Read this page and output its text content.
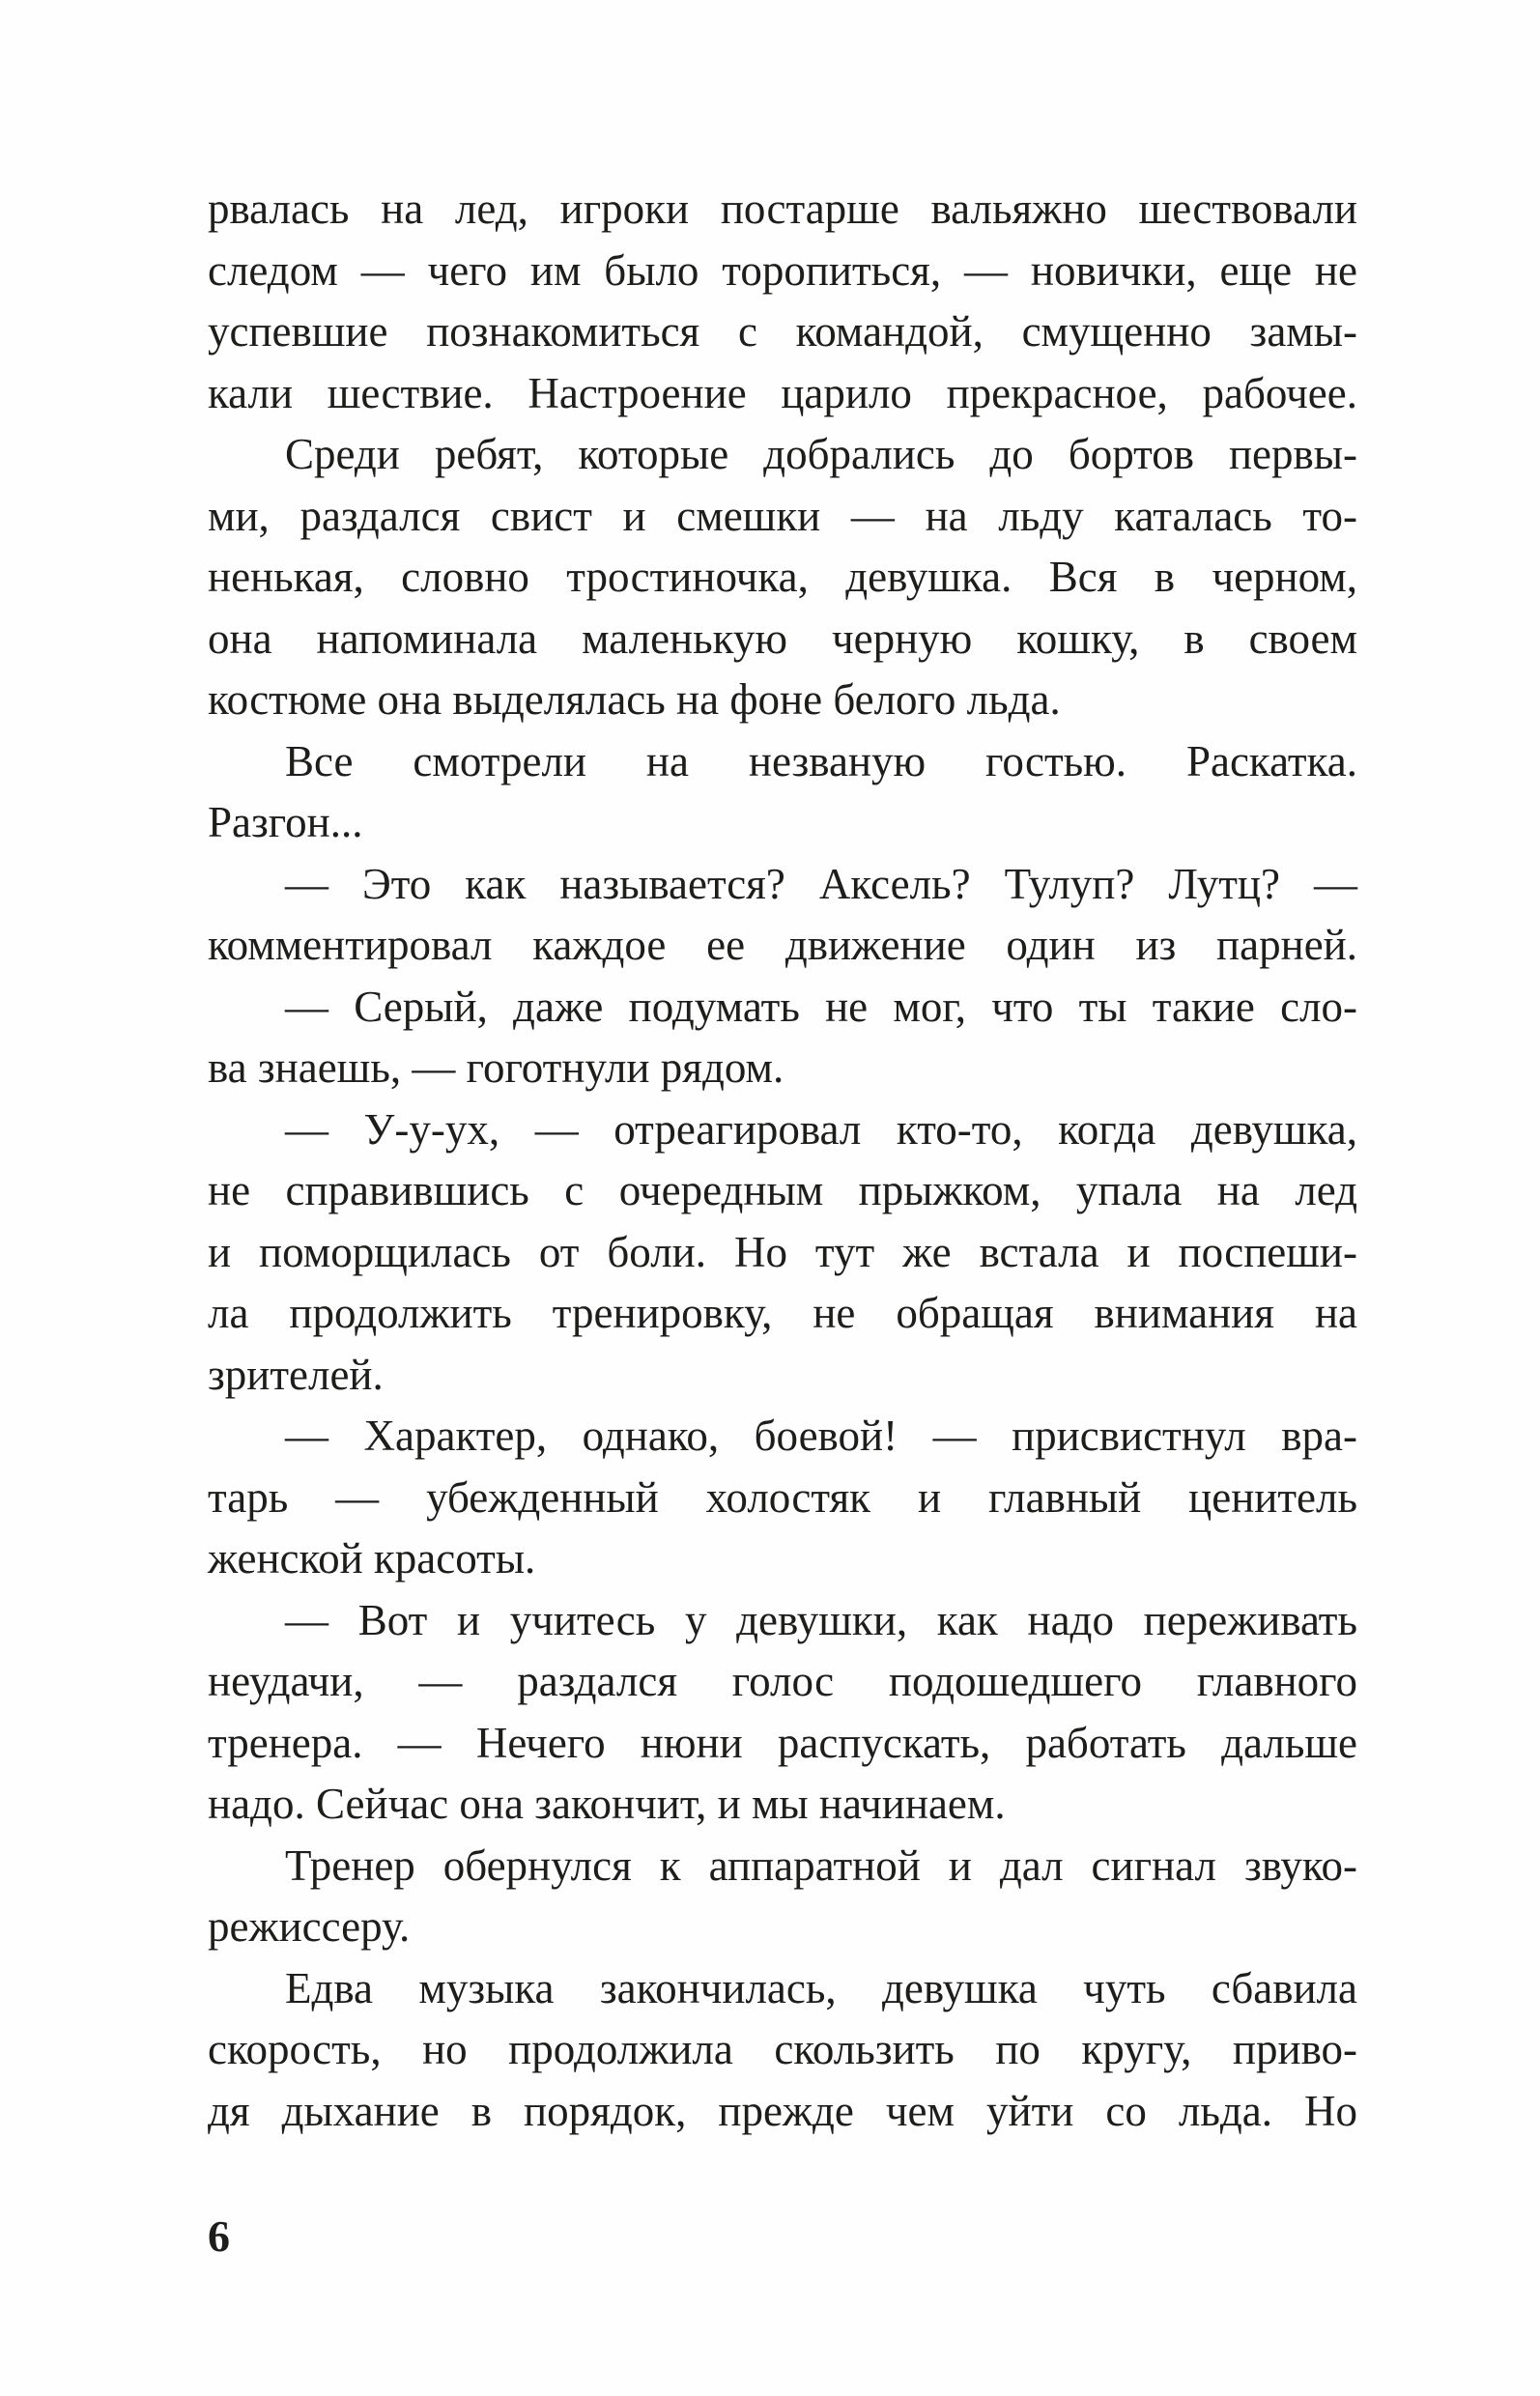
рвалась на лед, игроки постарше вальяжно шествовали
следом — чего им было торопиться, — новички, еще не
успевшие познакомиться с командой, смущенно замы-
кали шествие. Настроение царило прекрасное, рабочее.
Среди ребят, которые добрались до бортов первы-
ми, раздался свист и смешки — на льду каталась то-
ненькая, словно тростиночка, девушка. Вся в черном,
она напоминала маленькую черную кошку, в своем
костюме она выделялась на фоне белого льда.
Все смотрели на незваную гостью. Раскатка.
Разгон...
— Это как называется? Аксель? Тулуп? Лутц? —
комментировал каждое ее движение один из парней.
— Серый, даже подумать не мог, что ты такие сло-
ва знаешь, — гоготнули рядом.
— У-у-ух, — отреагировал кто-то, когда девушка,
не справившись с очередным прыжком, упала на лед
и поморщилась от боли. Но тут же встала и поспеши-
ла продолжить тренировку, не обращая внимания на
зрителей.
— Характер, однако, боевой! — присвистнул вра-
тарь — убежденный холостяк и главный ценитель
женской красоты.
— Вот и учитесь у девушки, как надо переживать
неудачи, — раздался голос подошедшего главного
тренера. — Нечего нюни распускать, работать дальше
надо. Сейчас она закончит, и мы начинаем.
Тренер обернулся к аппаратной и дал сигнал звуко-
режиссеру.
Едва музыка закончилась, девушка чуть сбавила
скорость, но продолжила скользить по кругу, приво-
дя дыхание в порядок, прежде чем уйти со льда. Но
6
